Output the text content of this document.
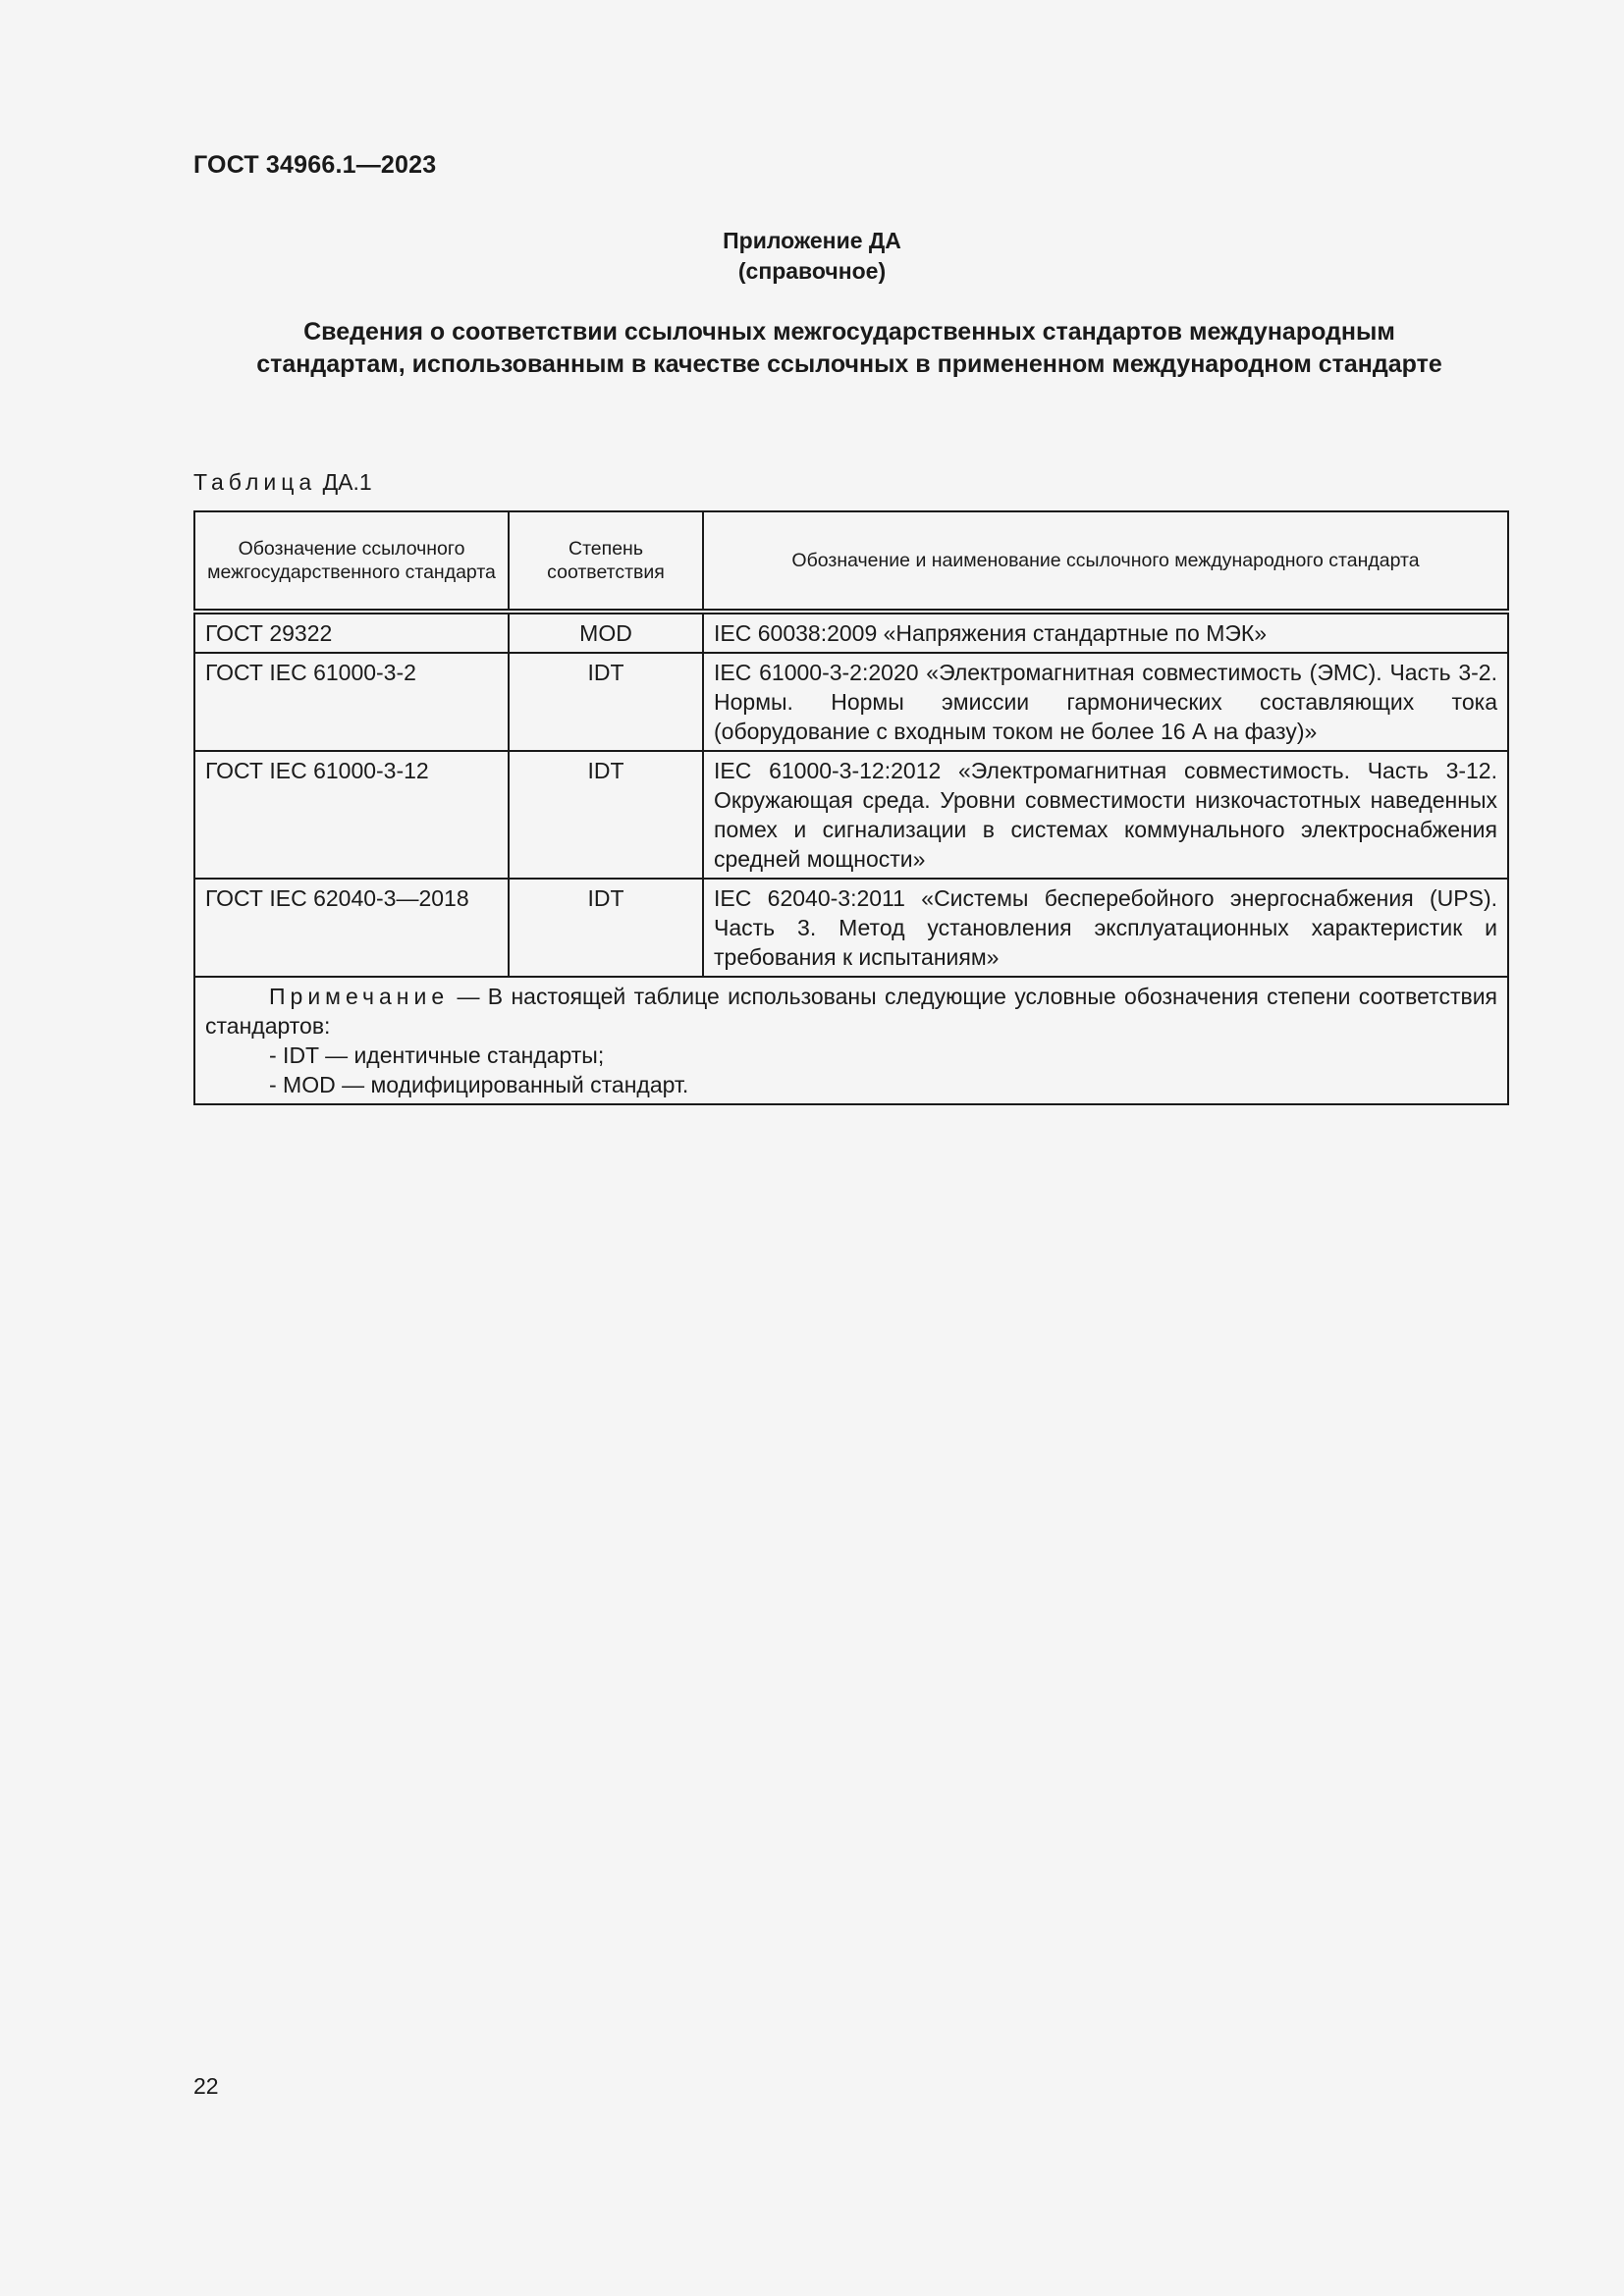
ГОСТ 34966.1—2023
Приложение ДА
(справочное)
Сведения о соответствии ссылочных межгосударственных стандартов международным стандартам, использованным в качестве ссылочных в примененном международном стандарте
Таблица ДА.1
Обозначение ссылочного межгосударственного стандарта	Степень соответствия	Обозначение и наименование ссылочного международного стандарта
ГОСТ 29322	MOD	IEC 60038:2009 «Напряжения стандартные по МЭК»
ГОСТ IEC 61000-3-2	IDT	IEC 61000-3-2:2020 «Электромагнитная совместимость (ЭМС). Часть 3-2. Нормы. Нормы эмиссии гармонических составляющих тока (оборудование с входным током не более 16 А на фазу)»
ГОСТ IEC 61000-3-12	IDT	IEC 61000-3-12:2012 «Электромагнитная совместимость. Часть 3-12. Окружающая среда. Уровни совместимости низкочастотных наведенных помех и сигнализации в системах коммунального электроснабжения средней мощности»
ГОСТ IEC 62040-3—2018	IDT	IEC 62040-3:2011 «Системы бесперебойного энергоснабжения (UPS). Часть 3. Метод установления эксплуатационных характеристик и требования к испытаниям»

Примечание — В настоящей таблице использованы следующие условные обозначения степени соответствия стандартов:
- IDT — идентичные стандарты;
- MOD — модифицированный стандарт.		
22
